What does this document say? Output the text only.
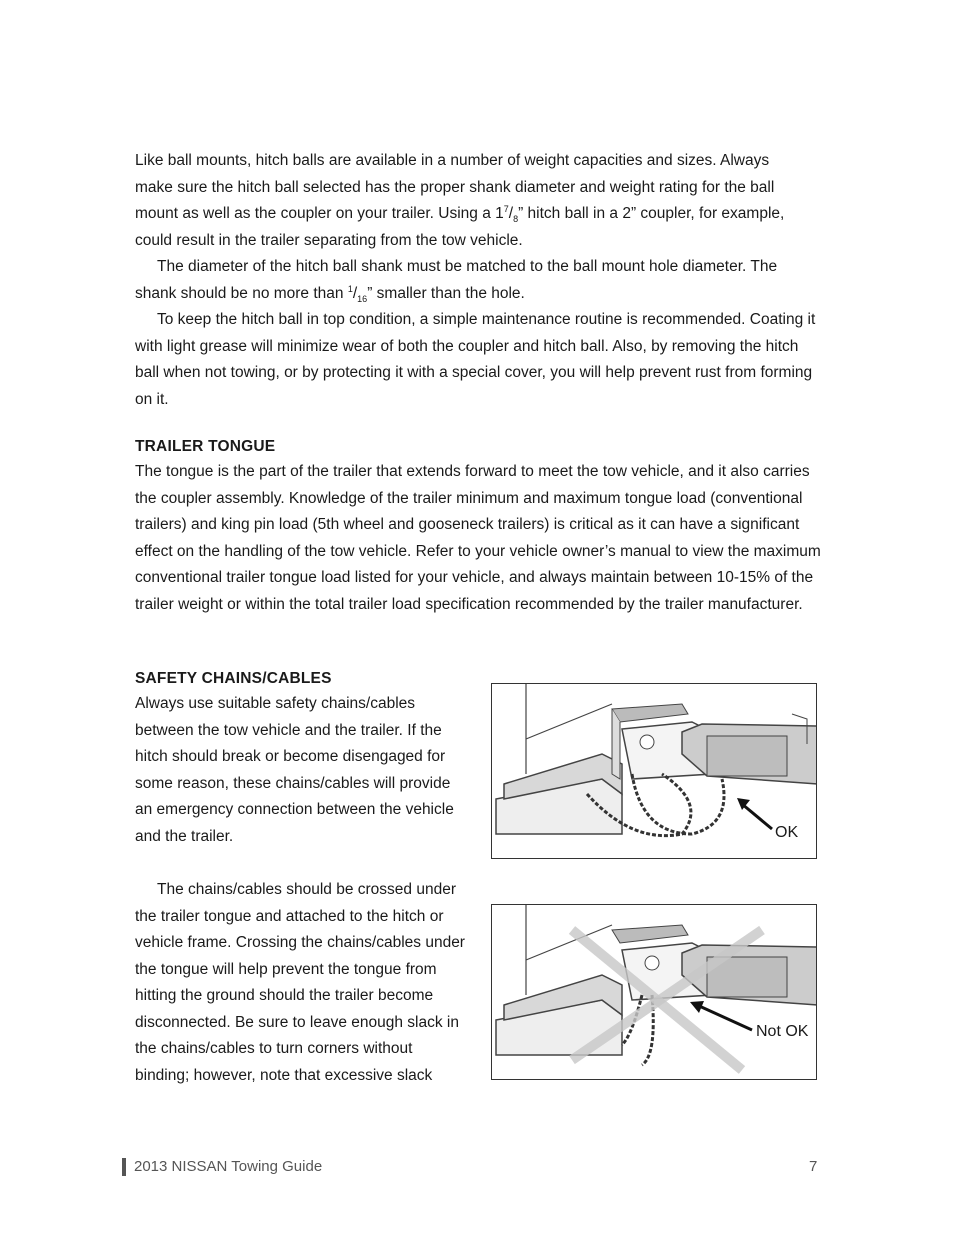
Like ball mounts, hitch balls are available in a number of weight capacities and sizes. Always
make sure the hitch ball selected has the proper shank diameter and weight rating for the ball
mount as well as the coupler on your trailer. Using a $1^7/_8$” hitch ball in a 2” coupler, for example,
could result in the trailer separating from the tow vehicle.

The diameter of the hitch ball shank must be matched to the ball mount hole diameter. The
shank should be no more than $^1/_{16}$” smaller than the hole.

To keep the hitch ball in top condition, a simple maintenance routine is recommended. Coating it with light grease will minimize wear of both the coupler and hitch ball. Also, by removing the hitch ball when not towing, or by protecting it with a special cover, you will help prevent rust from forming on it.

TRAILER TONGUE

The tongue is the part of the trailer that extends forward to meet the tow vehicle, and it also carries the coupler assembly. Knowledge of the trailer minimum and maximum tongue load (conventional trailers) and king pin load (5th wheel and gooseneck trailers) is critical as it can have a significant effect on the handling of the tow vehicle. Refer to your vehicle owner’s manual to view the maximum conventional trailer tongue load listed for your vehicle, and always maintain between 10-15% of the trailer weight or within the total trailer load specification recommended by the trailer manufacturer.

SAFETY CHAINS/CABLES

Always use suitable safety chains/cables between the tow vehicle and the trailer. If the hitch should break or become disengaged for some reason, these chains/cables will provide an emergency connection between the vehicle and the trailer.

The chains/cables should be crossed under the trailer tongue and attached to the hitch or vehicle frame. Crossing the chains/cables under the tongue will help prevent the tongue from hitting the ground should the trailer become disconnected. Be sure to leave enough slack in the chains/cables to turn corners without binding; however, note that excessive slack

OK
Not OK
2013 NISSAN Towing Guide	7
